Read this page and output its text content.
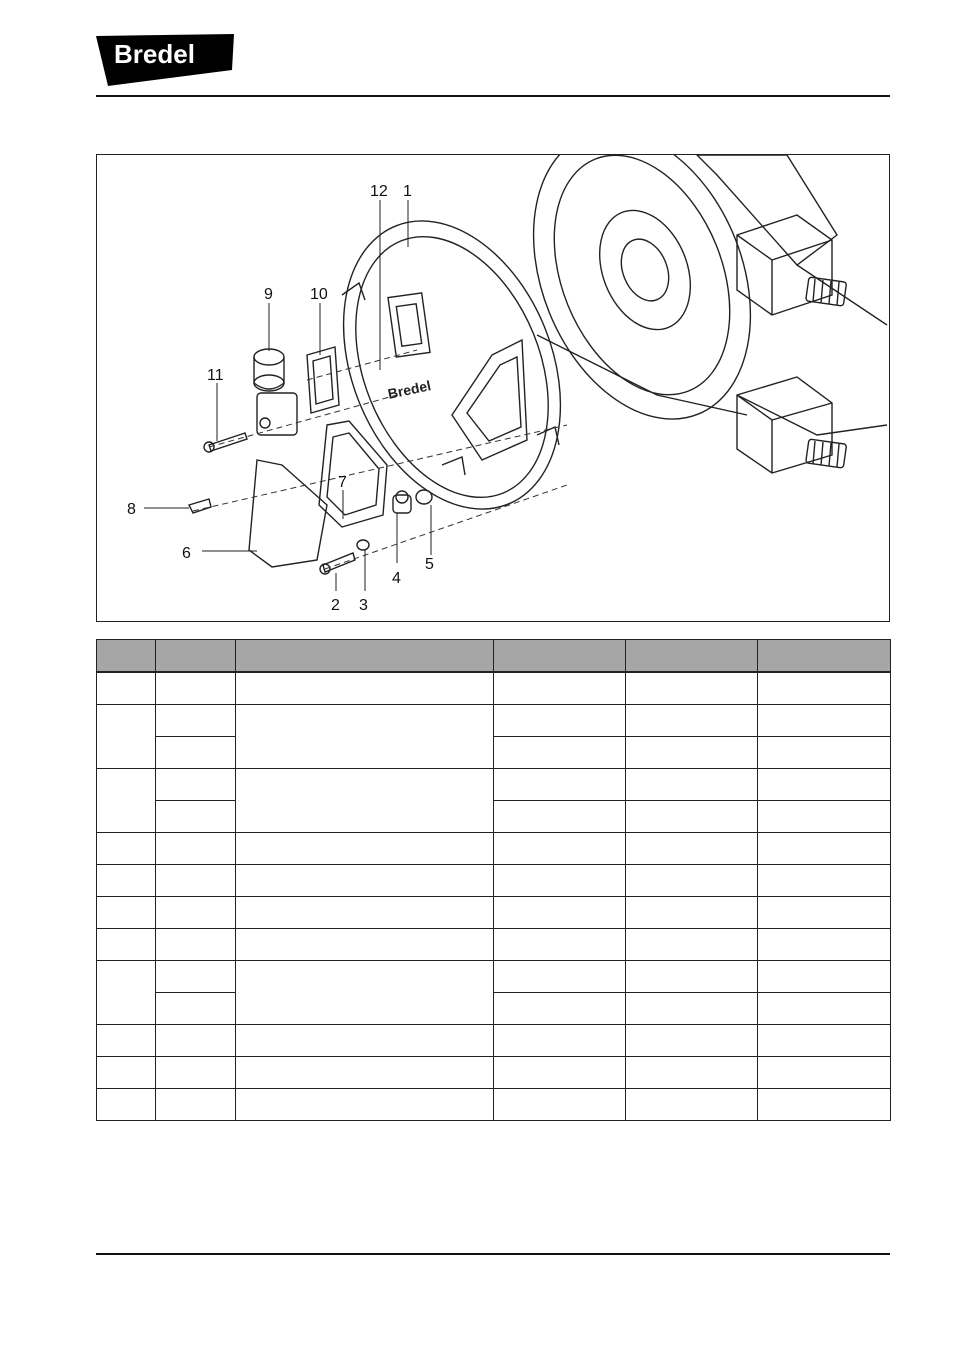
Bredel
Bredel
1
2 3
4
5
6
7
8
9 10
11
12
